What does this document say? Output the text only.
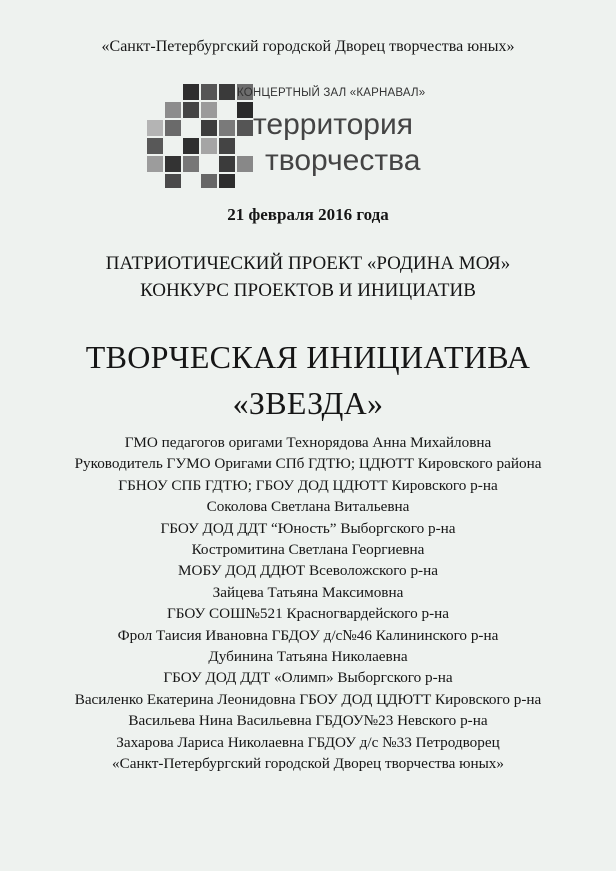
«Санкт-Петербургский городской Дворец творчества юных»
КОНЦЕРТНЫЙ ЗАЛ «КАРНАВАЛ»
территория
творчества
21 февраля 2016 года
ПАТРИОТИЧЕСКИЙ ПРОЕКТ «РОДИНА МОЯ»
КОНКУРС ПРОЕКТОВ И ИНИЦИАТИВ
ТВОРЧЕСКАЯ ИНИЦИАТИВА
«ЗВЕЗДА»
ГМО педагогов оригами Технорядова Анна Михайловна
Руководитель ГУМО Оригами СПб ГДТЮ; ЦДЮТТ Кировского района
ГБНОУ СПБ ГДТЮ; ГБОУ ДОД ЦДЮТТ Кировского р-на
Соколова Светлана Витальевна
ГБОУ ДОД ДДТ “Юность” Выборгского р-на
Костромитина Светлана Георгиевна
МОБУ ДОД ДДЮТ Всеволожского р-на
Зайцева Татьяна Максимовна
ГБОУ СОШ№521 Красногвардейского р-на
Фрол Таисия Ивановна ГБДОУ д/с№46 Калининского р-на
Дубинина Татьяна Николаевна
ГБОУ ДОД ДДТ «Олимп» Выборгского р-на
Василенко Екатерина Леонидовна ГБОУ ДОД ЦДЮТТ Кировского р-на
Васильева Нина Васильевна ГБДОУ№23 Невского р-на
Захарова Лариса Николаевна ГБДОУ д/с №33 Петродворец
«Санкт-Петербургский городской Дворец творчества юных»
